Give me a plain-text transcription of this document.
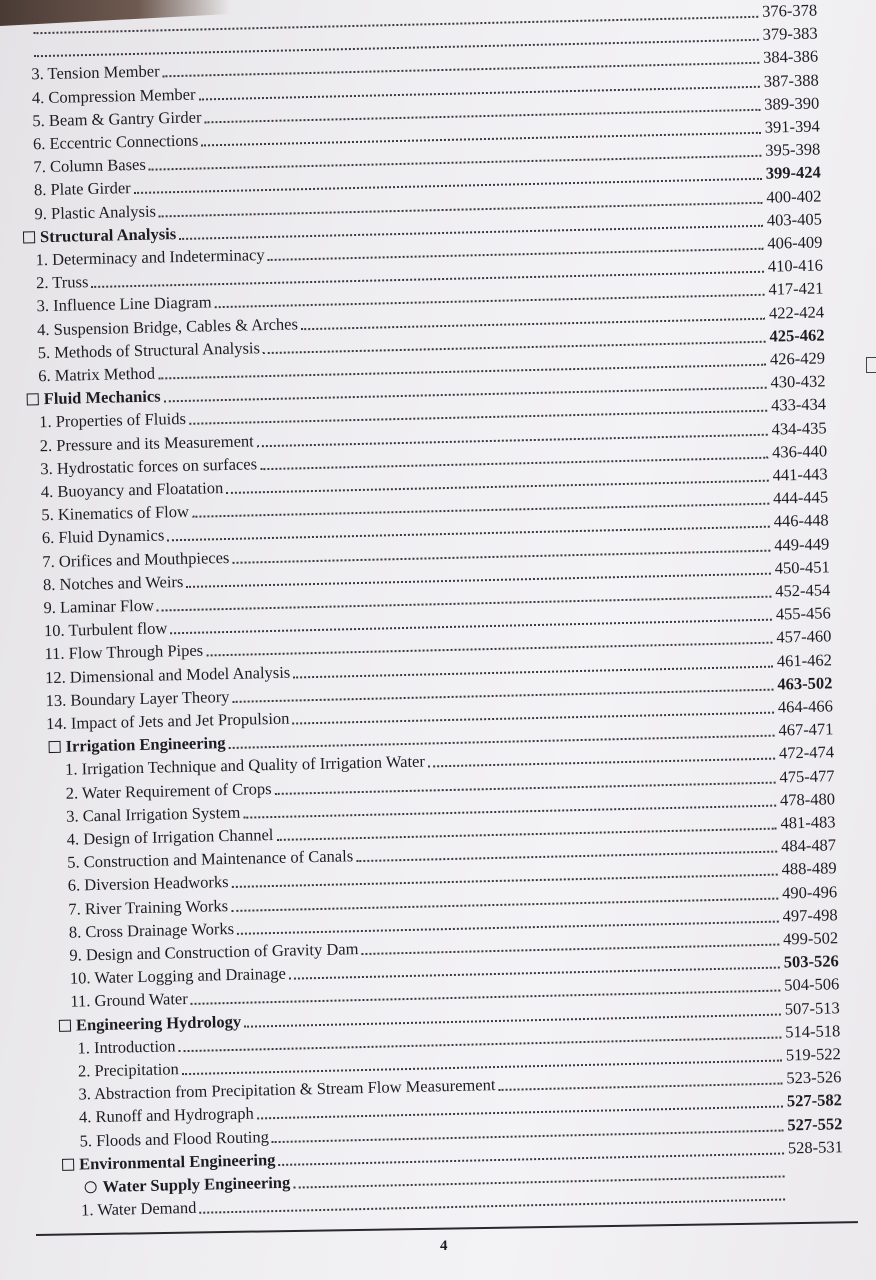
376-378
379-383
3. Tension Member
384-386
4. Compression Member
387-388
5. Beam & Gantry Girder
389-390
6. Eccentric Connections
391-394
7. Column Bases
395-398
8. Plate Girder
399-424
9. Plastic Analysis
400-402
Structural Analysis
403-405
1. Determinacy and Indeterminacy
406-409
2. Truss
410-416
3. Influence Line Diagram
417-421
4. Suspension Bridge, Cables & Arches
422-424
5. Methods of Structural Analysis
425-462
6. Matrix Method
426-429
Fluid Mechanics
430-432
1. Properties of Fluids
433-434
2. Pressure and its Measurement
434-435
3. Hydrostatic forces on surfaces
436-440
4. Buoyancy and Floatation
441-443
5. Kinematics of Flow
444-445
6. Fluid Dynamics
446-448
7. Orifices and Mouthpieces
449-449
8. Notches and Weirs
450-451
9. Laminar Flow
452-454
10. Turbulent flow
455-456
11. Flow Through Pipes
457-460
12. Dimensional and Model Analysis
461-462
13. Boundary Layer Theory
463-502
14. Impact of Jets and Jet Propulsion
464-466
Irrigation Engineering
467-471
1. Irrigation Technique and Quality of Irrigation Water	472-474
2. Water Requirement of Crops
475-477
3. Canal Irrigation System
478-480
4. Design of Irrigation Channel
481-483
5. Construction and Maintenance of Canals
484-487
6. Diversion Headworks
488-489
7. River Training Works
490-496
8. Cross Drainage Works
497-498
9. Design and Construction of Gravity Dam
499-502
10. Water Logging and Drainage
503-526
11. Ground Water
504-506
Engineering Hydrology
507-513
1. Introduction
514-518
2. Precipitation
519-522
3. Abstraction from Precipitation & Stream Flow Measurement	523-526
4. Runoff and Hydrograph
527-582
5. Floods and Flood Routing
527-552
Environmental Engineering
528-531
Water Supply Engineering
1. Water Demand
4
